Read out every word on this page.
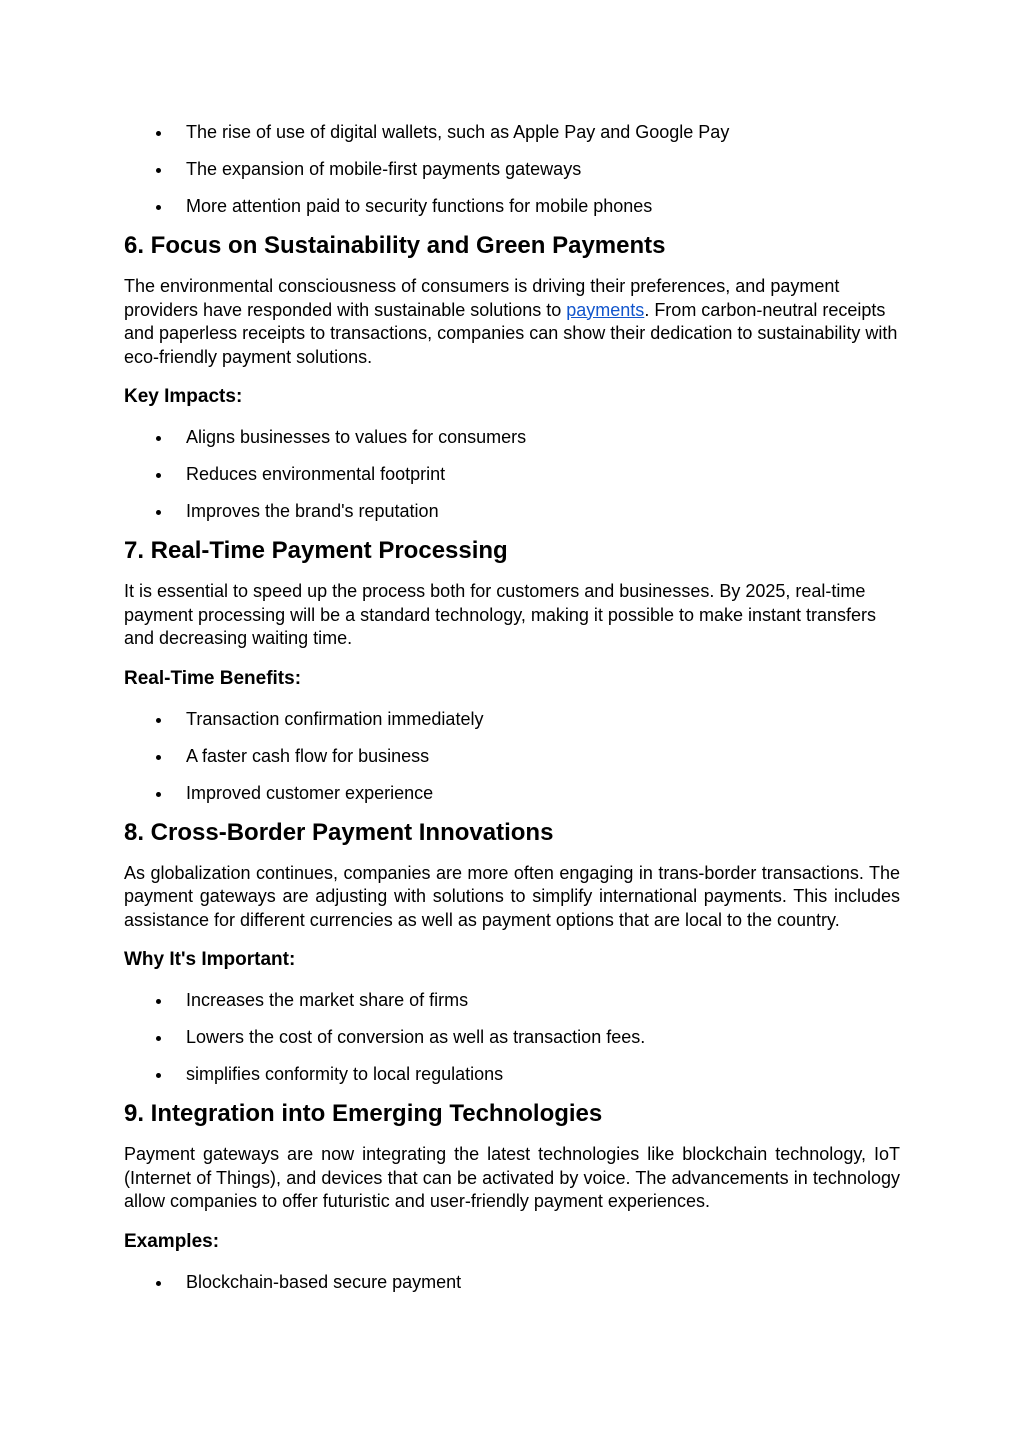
The rise of use of digital wallets, such as Apple Pay and Google Pay
The expansion of mobile-first payments gateways
More attention paid to security functions for mobile phones
6. Focus on Sustainability and Green Payments

The environmental consciousness of consumers is driving their preferences, and payment providers have responded with sustainable solutions to payments. From carbon-neutral receipts and paperless receipts to transactions, companies can show their dedication to sustainability with eco-friendly payment solutions.

Key Impacts:
Aligns businesses to values for consumers
Reduces environmental footprint
Improves the brand's reputation
7. Real-Time Payment Processing

It is essential to speed up the process both for customers and businesses. By 2025, real-time payment processing will be a standard technology, making it possible to make instant transfers and decreasing waiting time.

Real-Time Benefits:
Transaction confirmation immediately
A faster cash flow for business
Improved customer experience
8. Cross-Border Payment Innovations

As globalization continues, companies are more often engaging in trans-border transactions. The payment gateways are adjusting with solutions to simplify international payments. This includes assistance for different currencies as well as payment options that are local to the country.

Why It's Important:
Increases the market share of firms
Lowers the cost of conversion as well as transaction fees.
simplifies conformity to local regulations
9. Integration into Emerging Technologies

Payment gateways are now integrating the latest technologies like blockchain technology, IoT (Internet of Things), and devices that can be activated by voice. The advancements in technology allow companies to offer futuristic and user-friendly payment experiences.

Examples:
Blockchain-based secure payment
